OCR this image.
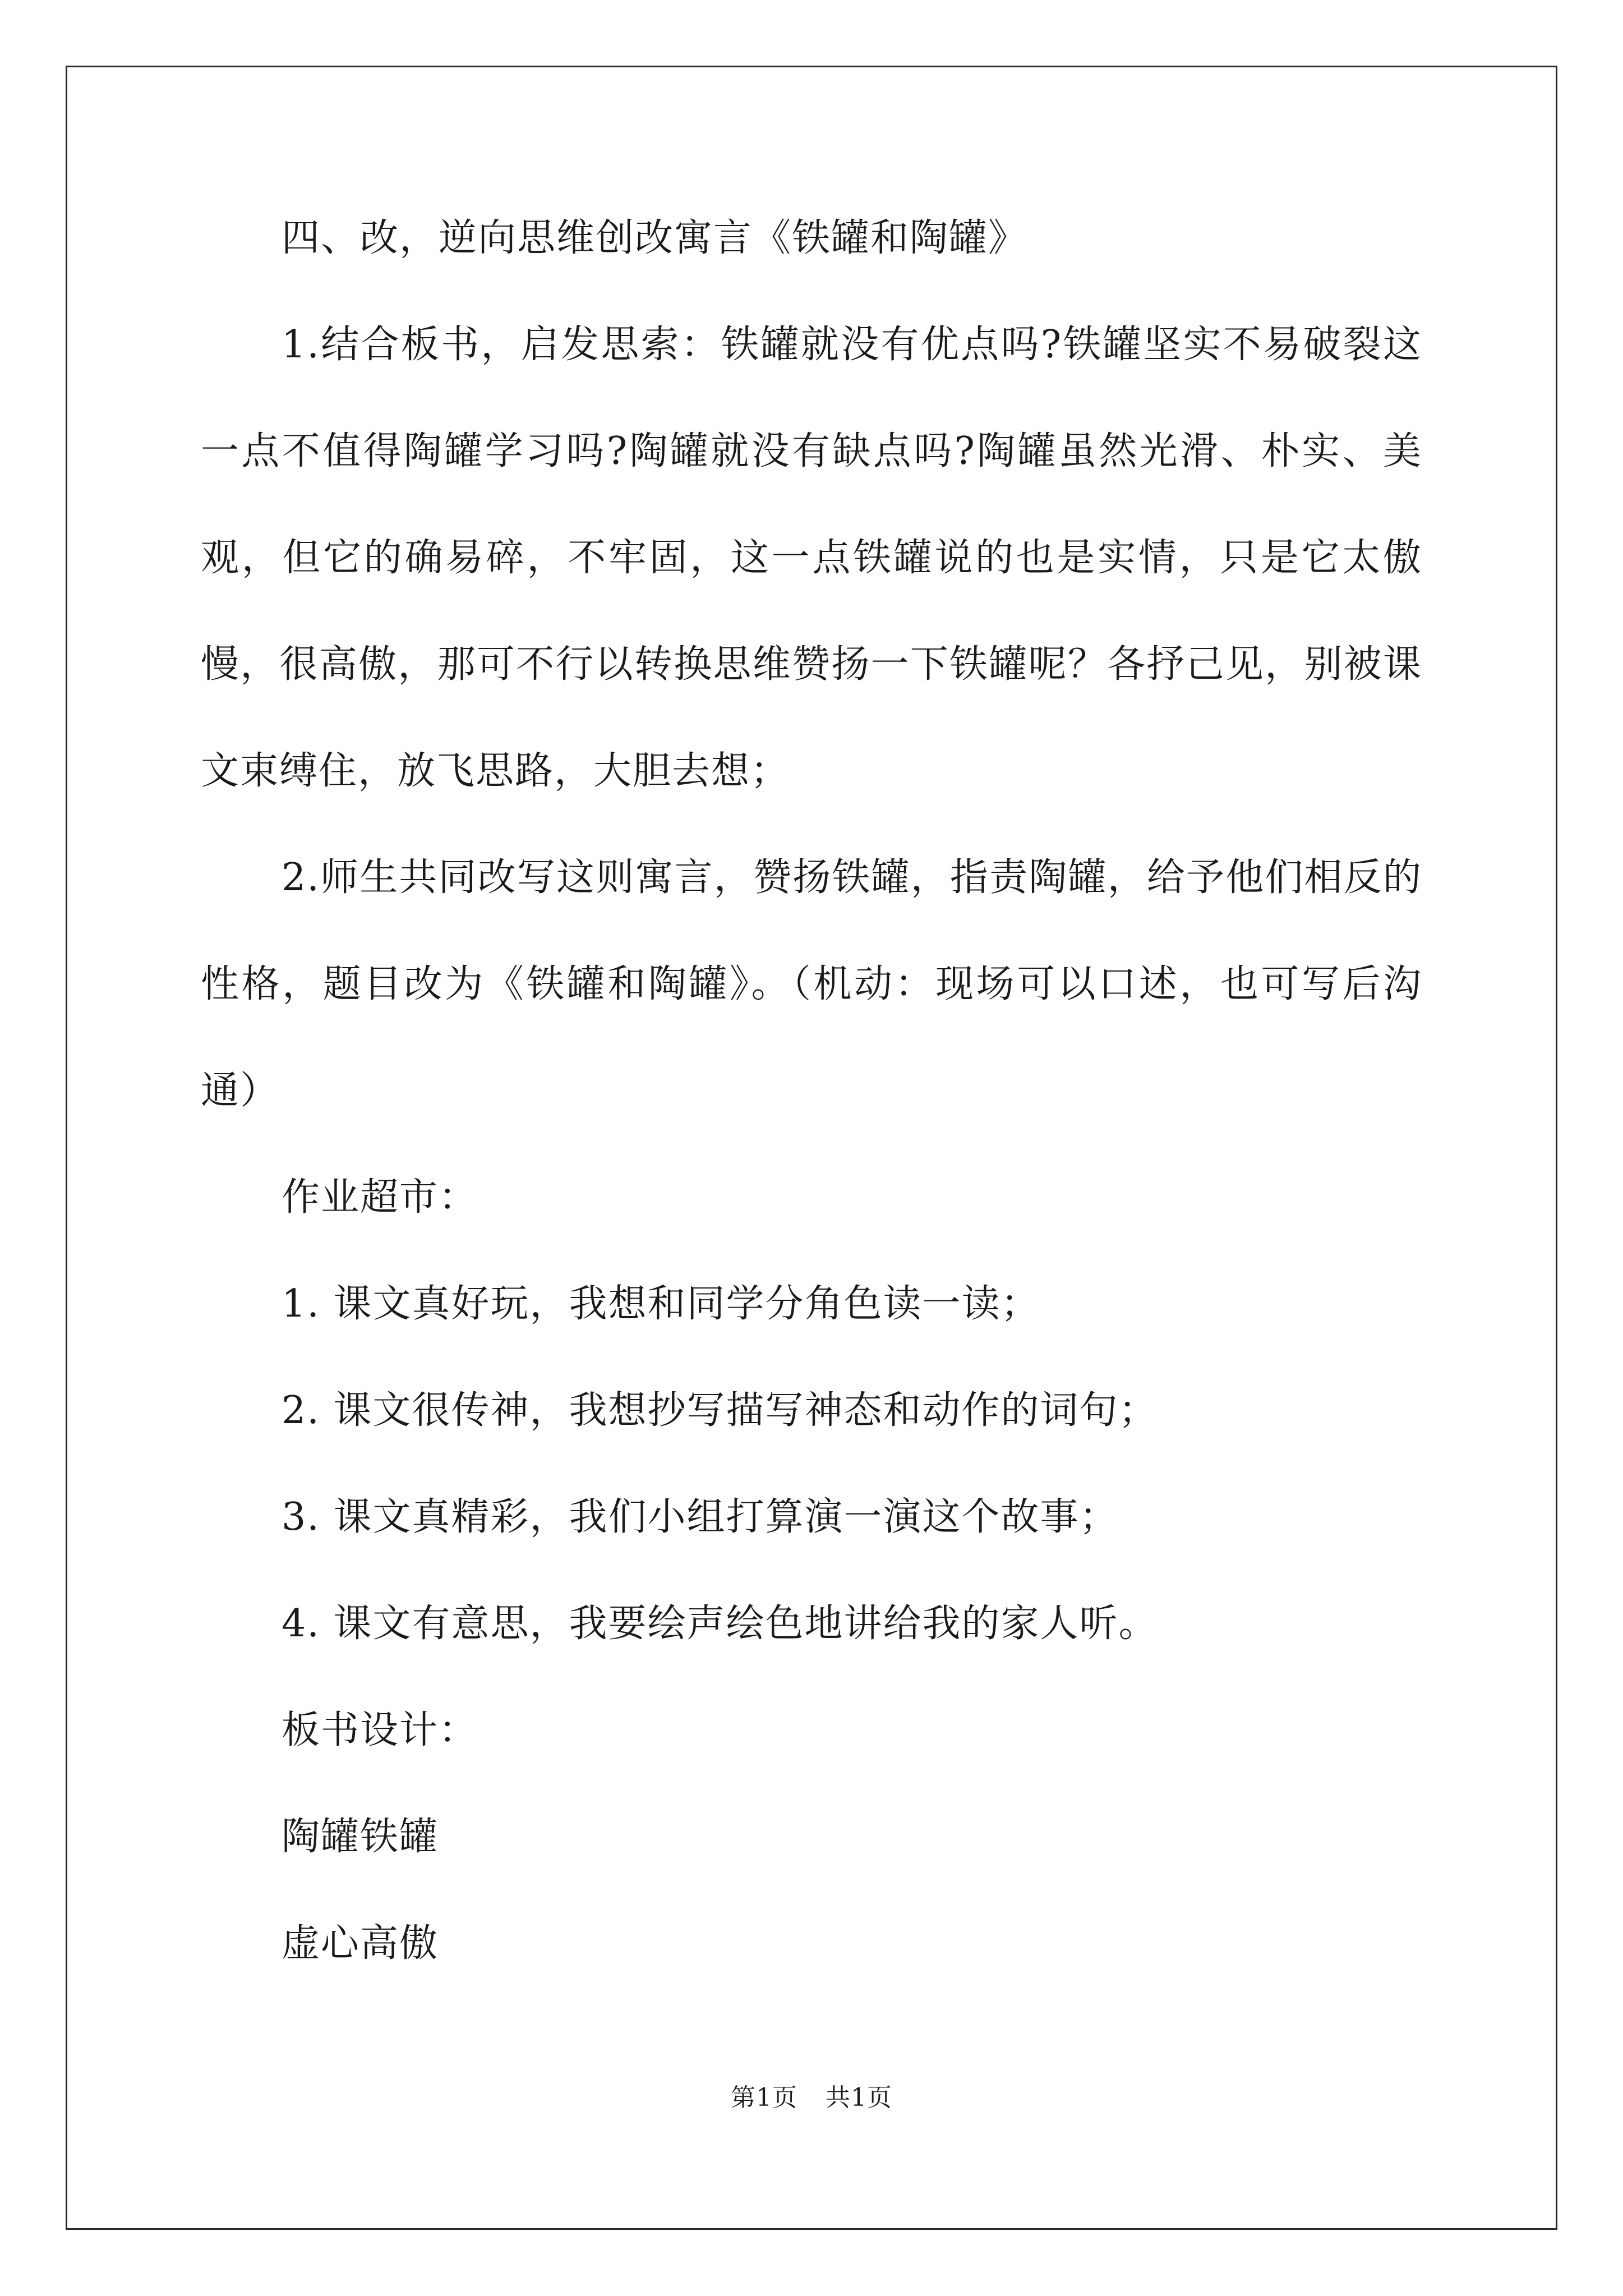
四、改，逆向思维创改寓言《铁罐和陶罐》

1.结合板书，启发思索：铁罐就没有优点吗?铁罐坚实不易破裂这一点不值得陶罐学习吗?陶罐就没有缺点吗?陶罐虽然光滑、朴实、美观，但它的确易碎，不牢固，这一点铁罐说的也是实情，只是它太傲慢，很高傲，那可不行以转换思维赞扬一下铁罐呢？各抒己见，别被课文束缚住，放飞思路，大胆去想；

2.师生共同改写这则寓言，赞扬铁罐，指责陶罐，给予他们相反的性格，题目改为《铁罐和陶罐》。（机动：现场可以口述，也可写后沟通）

作业超市：

1. 课文真好玩，我想和同学分角色读一读；

2. 课文很传神，我想抄写描写神态和动作的词句；

3. 课文真精彩，我们小组打算演一演这个故事；

4. 课文有意思，我要绘声绘色地讲给我的家人听。

板书设计：

陶罐铁罐

虚心高傲

第1页 共1页
